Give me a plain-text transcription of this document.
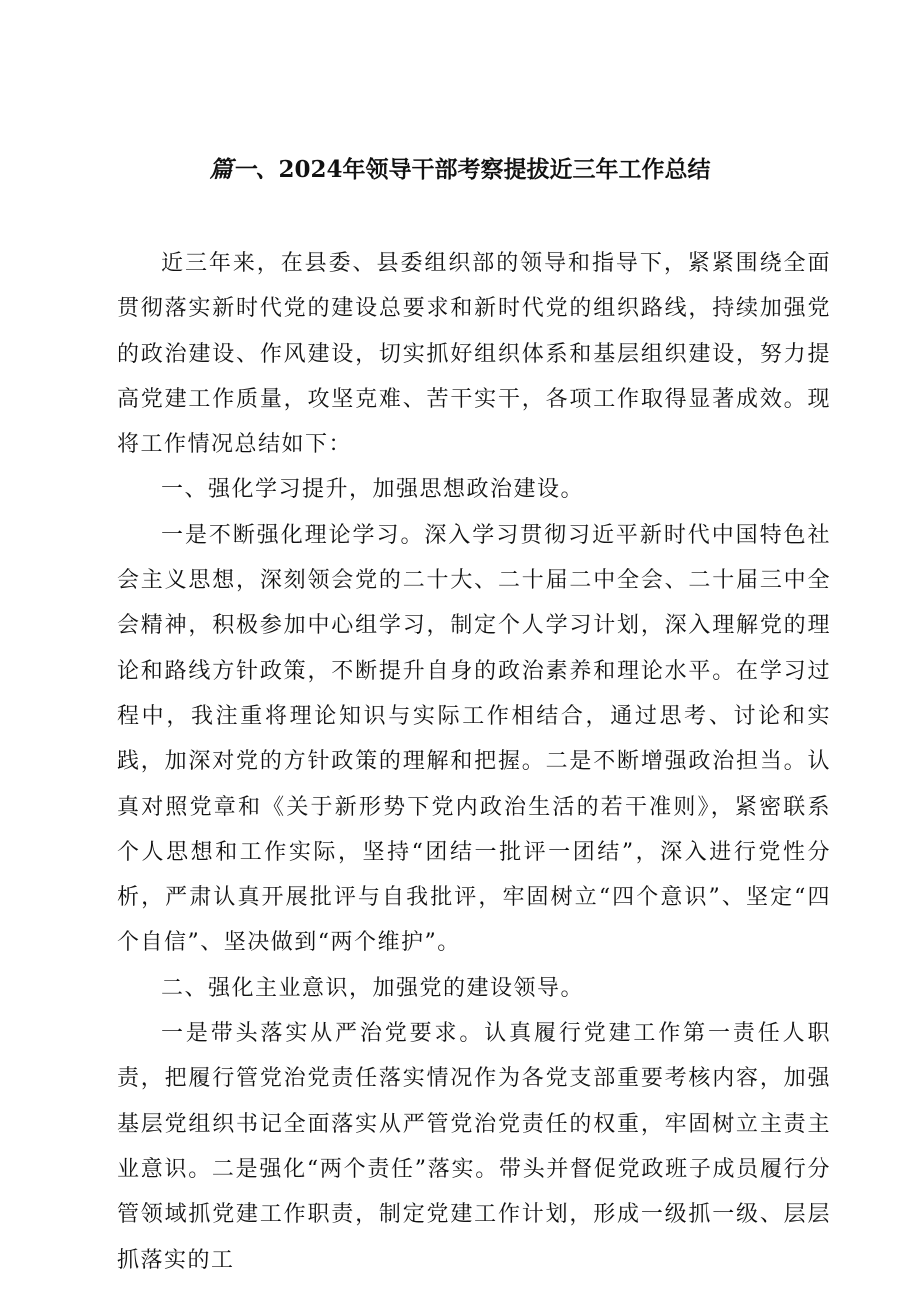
篇一、2024年领导干部考察提拔近三年工作总结

近三年来，在县委、县委组织部的领导和指导下，紧紧围绕全面贯彻落实新时代党的建设总要求和新时代党的组织路线，持续加强党的政治建设、作风建设，切实抓好组织体系和基层组织建设，努力提高党建工作质量，攻坚克难、苦干实干，各项工作取得显著成效。现将工作情况总结如下：

一、强化学习提升，加强思想政治建设。

一是不断强化理论学习。深入学习贯彻习近平新时代中国特色社会主义思想，深刻领会党的二十大、二十届二中全会、二十届三中全会精神，积极参加中心组学习，制定个人学习计划，深入理解党的理论和路线方针政策，不断提升自身的政治素养和理论水平。在学习过程中，我注重将理论知识与实际工作相结合，通过思考、讨论和实践，加深对党的方针政策的理解和把握。二是不断增强政治担当。认真对照党章和《关于新形势下党内政治生活的若干准则》，紧密联系个人思想和工作实际，坚持“团结一批评一团结”，深入进行党性分析，严肃认真开展批评与自我批评，牢固树立“四个意识”、坚定“四个自信”、坚决做到“两个维护”。

二、强化主业意识，加强党的建设领导。

一是带头落实从严治党要求。认真履行党建工作第一责任人职责，把履行管党治党责任落实情况作为各党支部重要考核内容，加强基层党组织书记全面落实从严管党治党责任的权重，牢固树立主责主业意识。二是强化“两个责任”落实。带头并督促党政班子成员履行分管领域抓党建工作职责，制定党建工作计划，形成一级抓一级、层层抓落实的工
